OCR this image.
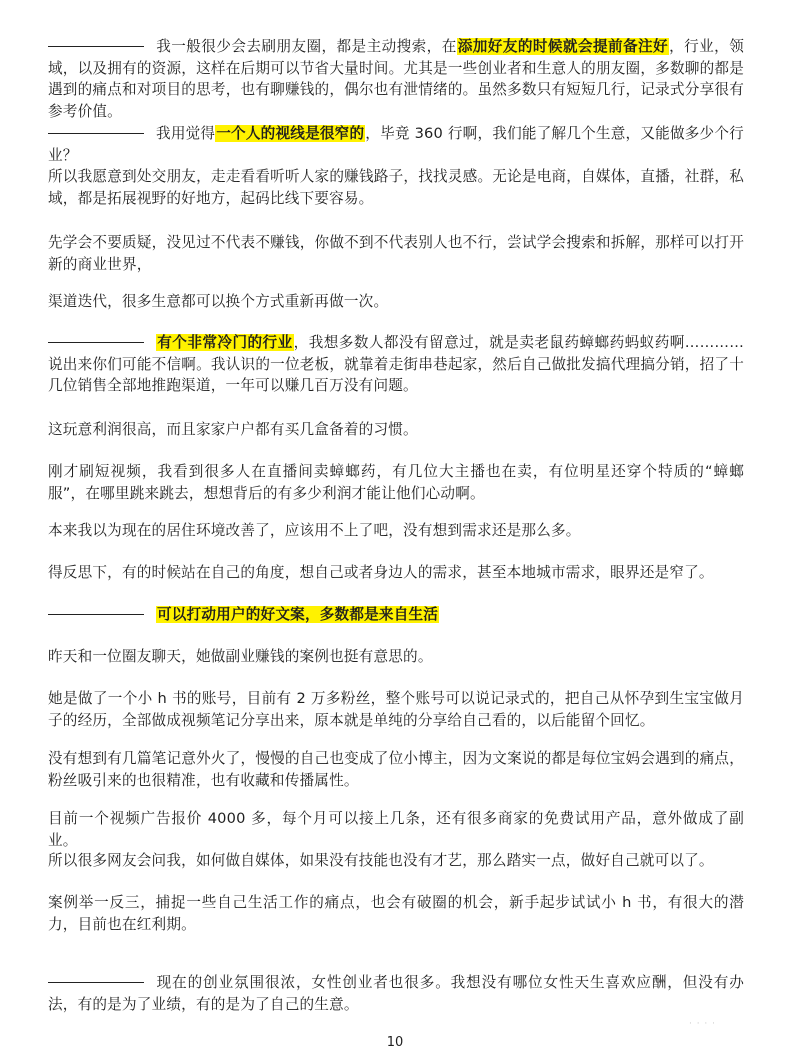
我一般很少会去刷朋友圈，都是主动搜索，在添加好友的时候就会提前备注好，行业，领域，以及拥有的资源，这样在后期可以节省大量时间。尤其是一些创业者和生意人的朋友圈，多数聊的都是遇到的痛点和对项目的思考，也有聊赚钱的，偶尔也有泄情绪的。虽然多数只有短短几行，记录式分享很有参考价值。

我用觉得一个人的视线是很窄的，毕竟 360 行啊，我们能了解几个生意，又能做多少个行业？

所以我愿意到处交朋友，走走看看听听人家的赚钱路子，找找灵感。无论是电商，自媒体，直播，社群，私域，都是拓展视野的好地方，起码比线下要容易。

先学会不要质疑，没见过不代表不赚钱，你做不到不代表别人也不行，尝试学会搜索和拆解，那样可以打开新的商业世界，

渠道迭代，很多生意都可以换个方式重新再做一次。

有个非常冷门的行业，我想多数人都没有留意过，就是卖老鼠药蟑螂药蚂蚁药啊…………说出来你们可能不信啊。我认识的一位老板，就靠着走街串巷起家，然后自己做批发搞代理搞分销，招了十几位销售全部地推跑渠道，一年可以赚几百万没有问题。

这玩意利润很高，而且家家户户都有买几盒备着的习惯。

刚才刷短视频，我看到很多人在直播间卖蟑螂药，有几位大主播也在卖，有位明星还穿个特质的“蟑螂服”，在哪里跳来跳去，想想背后的有多少利润才能让他们心动啊。

本来我以为现在的居住环境改善了，应该用不上了吧，没有想到需求还是那么多。

得反思下，有的时候站在自己的角度，想自己或者身边人的需求，甚至本地城市需求，眼界还是窄了。

可以打动用户的好文案，多数都是来自生活

昨天和一位圈友聊天，她做副业赚钱的案例也挺有意思的。

她是做了一个小 h 书的账号，目前有 2 万多粉丝，整个账号可以说记录式的，把自己从怀孕到生宝宝做月子的经历，全部做成视频笔记分享出来，原本就是单纯的分享给自己看的，以后能留个回忆。

没有想到有几篇笔记意外火了，慢慢的自己也变成了位小博主，因为文案说的都是每位宝妈会遇到的痛点，粉丝吸引来的也很精准，也有收藏和传播属性。

目前一个视频广告报价 4000 多，每个月可以接上几条，还有很多商家的免费试用产品，意外做成了副业。

所以很多网友会问我，如何做自媒体，如果没有技能也没有才艺，那么踏实一点，做好自己就可以了。

案例举一反三，捕捉一些自己生活工作的痛点，也会有破圈的机会，新手起步试试小 h 书，有很大的潜力，目前也在红利期。

现在的创业氛围很浓，女性创业者也很多。我想没有哪位女性天生喜欢应酬，但没有办法，有的是为了业绩，有的是为了自己的生意。

· · · ·
10
